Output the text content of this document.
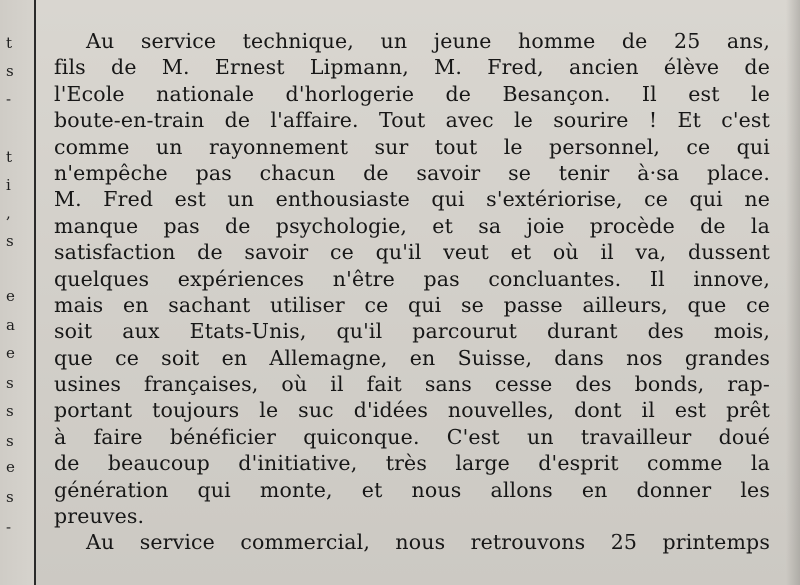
t
s
-
t
i
,
s
e
a
e
s
s
s
e
s
-
Au service technique, un jeune homme de 25 ans,
fils de M. Ernest Lipmann, M. Fred, ancien élève de
l'Ecole nationale d'horlogerie de Besançon. Il est le
boute-en-train de l'affaire. Tout avec le sourire ! Et c'est
comme un rayonnement sur tout le personnel, ce qui
n'empêche pas chacun de savoir se tenir à·sa place.
M. Fred est un enthousiaste qui s'extériorise, ce qui ne
manque pas de psychologie, et sa joie procède de la
satisfaction de savoir ce qu'il veut et où il va, dussent
quelques expériences n'être pas concluantes. Il innove,
mais en sachant utiliser ce qui se passe ailleurs, que ce
soit aux Etats-Unis, qu'il parcourut durant des mois,
que ce soit en Allemagne, en Suisse, dans nos grandes
usines françaises, où il fait sans cesse des bonds, rap-
portant toujours le suc d'idées nouvelles, dont il est prêt
à faire bénéficier quiconque. C'est un travailleur doué
de beaucoup d'initiative, très large d'esprit comme la
génération qui monte, et nous allons en donner les
preuves.
Au service commercial, nous retrouvons 25 printemps
